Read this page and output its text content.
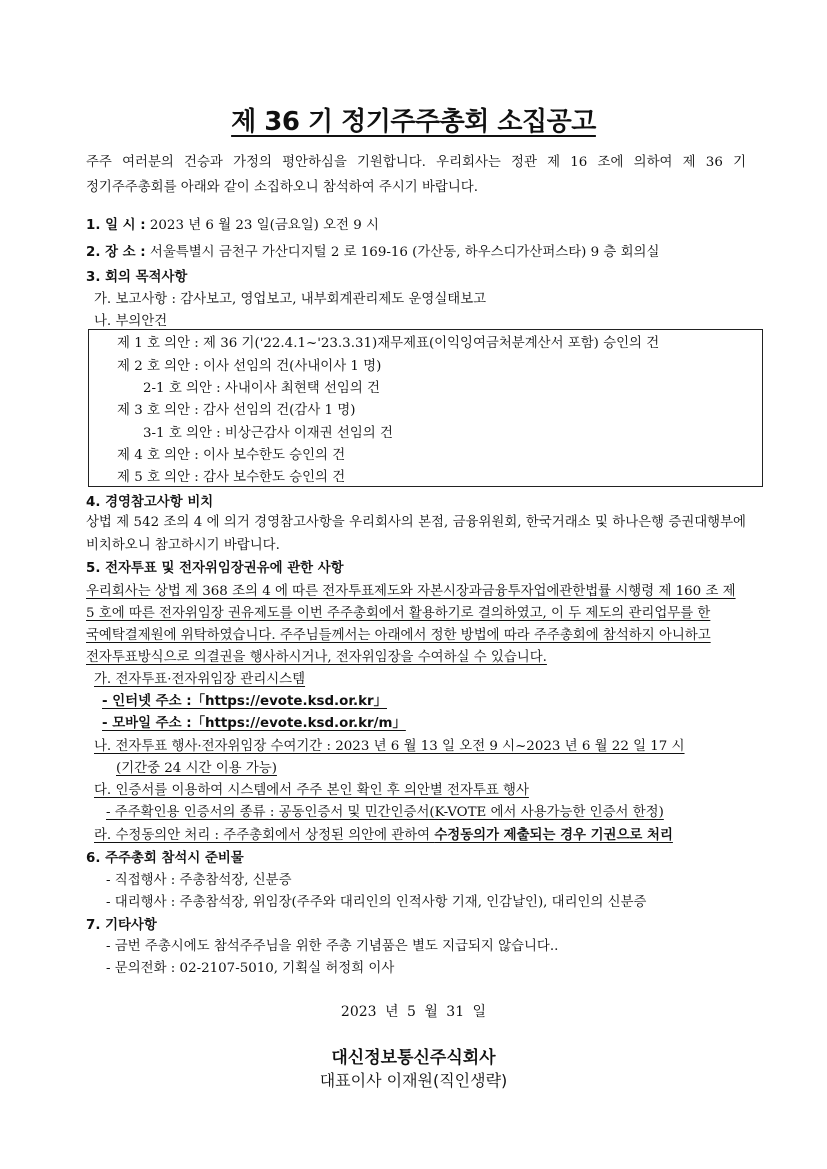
제 36 기 정기주주총회 소집공고
주주 여러분의 건승과 가정의 평안하심을 기원합니다. 우리회사는 정관 제 16 조에 의하여 제 36 기 정기주주총회를 아래와 같이 소집하오니 참석하여 주시기 바랍니다.
1. 일 시 : 2023 년 6 월 23 일(금요일) 오전 9 시
2. 장 소 : 서울특별시 금천구 가산디지털 2 로 169-16 (가산동, 하우스디가산퍼스타) 9 층 회의실
3. 회의 목적사항
가. 보고사항 : 감사보고, 영업보고, 내부회계관리제도 운영실태보고
나. 부의안건
제 1 호 의안 : 제 36 기('22.4.1~'23.3.31)재무제표(이익잉여금처분계산서 포함) 승인의 건
제 2 호 의안 : 이사 선임의 건(사내이사 1 명)
2-1 호 의안 : 사내이사 최현택 선임의 건
제 3 호 의안 : 감사 선임의 건(감사 1 명)
3-1 호 의안 : 비상근감사 이재권 선임의 건
제 4 호 의안 : 이사 보수한도 승인의 건
제 5 호 의안 : 감사 보수한도 승인의 건
4. 경영참고사항 비치
상법 제 542 조의 4 에 의거 경영참고사항을 우리회사의 본점, 금융위원회, 한국거래소 및 하나은행 증권대행부에 비치하오니 참고하시기 바랍니다.
5. 전자투표 및 전자위임장권유에 관한 사항
우리회사는 상법 제 368 조의 4 에 따른 전자투표제도와 자본시장과금융투자업에관한법률 시행령 제 160 조 제
5 호에 따른 전자위임장 권유제도를 이번 주주총회에서 활용하기로 결의하였고, 이 두 제도의 관리업무를 한
국예탁결제원에 위탁하였습니다. 주주님들께서는 아래에서 정한 방법에 따라 주주총회에 참석하지 아니하고
전자투표방식으로 의결권을 행사하시거나, 전자위임장을 수여하실 수 있습니다.
가. 전자투표·전자위임장 관리시스템
- 인터넷 주소 :「https://evote.ksd.or.kr」
- 모바일 주소 :「https://evote.ksd.or.kr/m」
나. 전자투표 행사·전자위임장 수여기간 : 2023 년 6 월 13 일 오전 9 시~2023 년 6 월 22 일 17 시
(기간중 24 시간 이용 가능)
다. 인증서를 이용하여 시스템에서 주주 본인 확인 후 의안별 전자투표 행사
- 주주확인용 인증서의 종류 : 공동인증서 및 민간인증서(K-VOTE 에서 사용가능한 인증서 한정)
라. 수정동의안 처리 : 주주총회에서 상정된 의안에 관하여 수정동의가 제출되는 경우 기권으로 처리
6. 주주총회 참석시 준비물
- 직접행사 : 주총참석장, 신분증
- 대리행사 : 주총참석장, 위임장(주주와 대리인의 인적사항 기재, 인감날인), 대리인의 신분증
7. 기타사항
- 금번 주총시에도 참석주주님을 위한 주총 기념품은 별도 지급되지 않습니다..
- 문의전화 : 02-2107-5010, 기획실 허정희 이사
2023 년 5 월 31 일
대신정보통신주식회사
대표이사 이재원(직인생략)
